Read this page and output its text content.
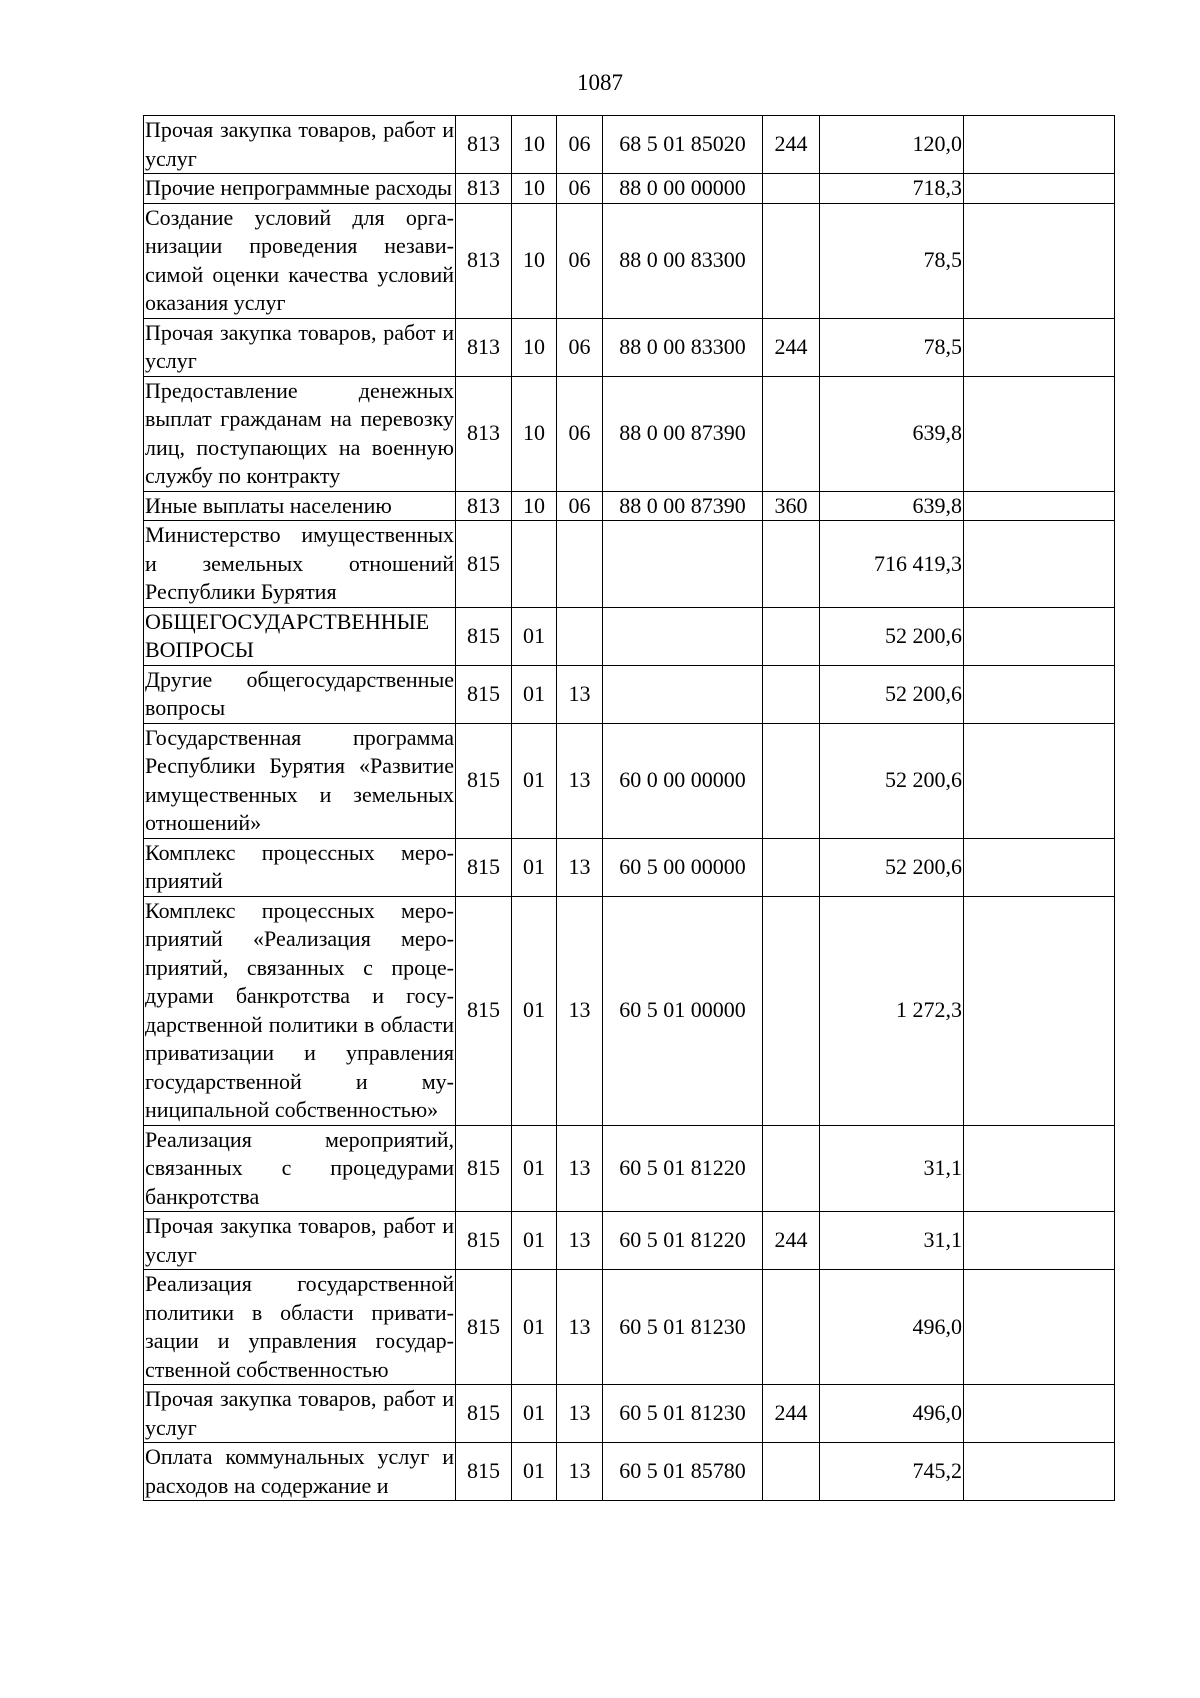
1087
Прочая закупка товаров, работ и услуг	813	10	06	68 5 01 85020	244	120,0	
Прочие непрограммные расходы	813	10	06	88 0 00 00000		718,3	
Создание условий для организации проведения независимой оценки качества условий оказания услуг	813	10	06	88 0 00 83300		78,5	
Прочая закупка товаров, работ и услуг	813	10	06	88 0 00 83300	244	78,5	
Предоставление денежных выплат гражданам на перевозку лиц, поступающих на военную службу по контракту	813	10	06	88 0 00 87390		639,8	
Иные выплаты населению	813	10	06	88 0 00 87390	360	639,8	
Министерство имущественных и земельных отношений Республики Бурятия	815					716 419,3	
ОБЩЕГОСУДАРСТВЕННЫЕ ВОПРОСЫ	815	01				52 200,6	
Другие общегосударственные вопросы	815	01	13			52 200,6	
Государственная программа Республики Бурятия «Развитие имущественных и земельных отношений»	815	01	13	60 0 00 00000		52 200,6	
Комплекс процессных мероприятий	815	01	13	60 5 00 00000		52 200,6	
Комплекс процессных мероприятий «Реализация мероприятий, связанных с процедурами банкротства и государственной политики в области приватизации и управления государственной и муниципальной собственностью»	815	01	13	60 5 01 00000		1 272,3	
Реализация мероприятий, связанных с процедурами банкротства	815	01	13	60 5 01 81220		31,1	
Прочая закупка товаров, работ и услуг	815	01	13	60 5 01 81220	244	31,1	
Реализация государственной политики в области приватизации и управления государственной собственностью	815	01	13	60 5 01 81230		496,0	
Прочая закупка товаров, работ и услуг	815	01	13	60 5 01 81230	244	496,0	
Оплата коммунальных услуг и расходов на содержание и	815	01	13	60 5 01 85780		745,2	
